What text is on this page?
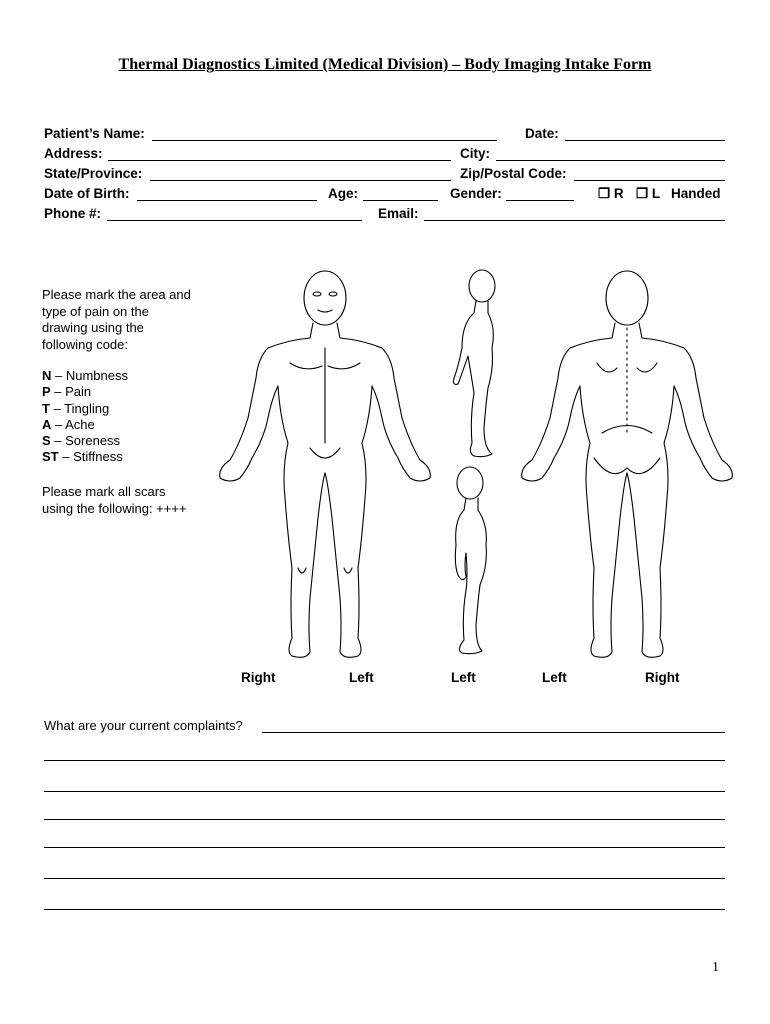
Thermal Diagnostics Limited (Medical Division) – Body Imaging Intake Form
Patient’s Name:	Date:
Address:	City:
State/Province:	Zip/Postal Code:
Date of Birth:	Age:	Gender:	❒ R ❒ L Handed
Phone #:	Email:

Please mark the area and

type of pain on the

drawing using the

following code:

N – Numbness
P – Pain
T – Tingling
A – Ache
S – Soreness
ST – Stiffness
Please mark all scars
using the following: ++++
Right	Left	Left	Left	Right
What are your current complaints?
1
